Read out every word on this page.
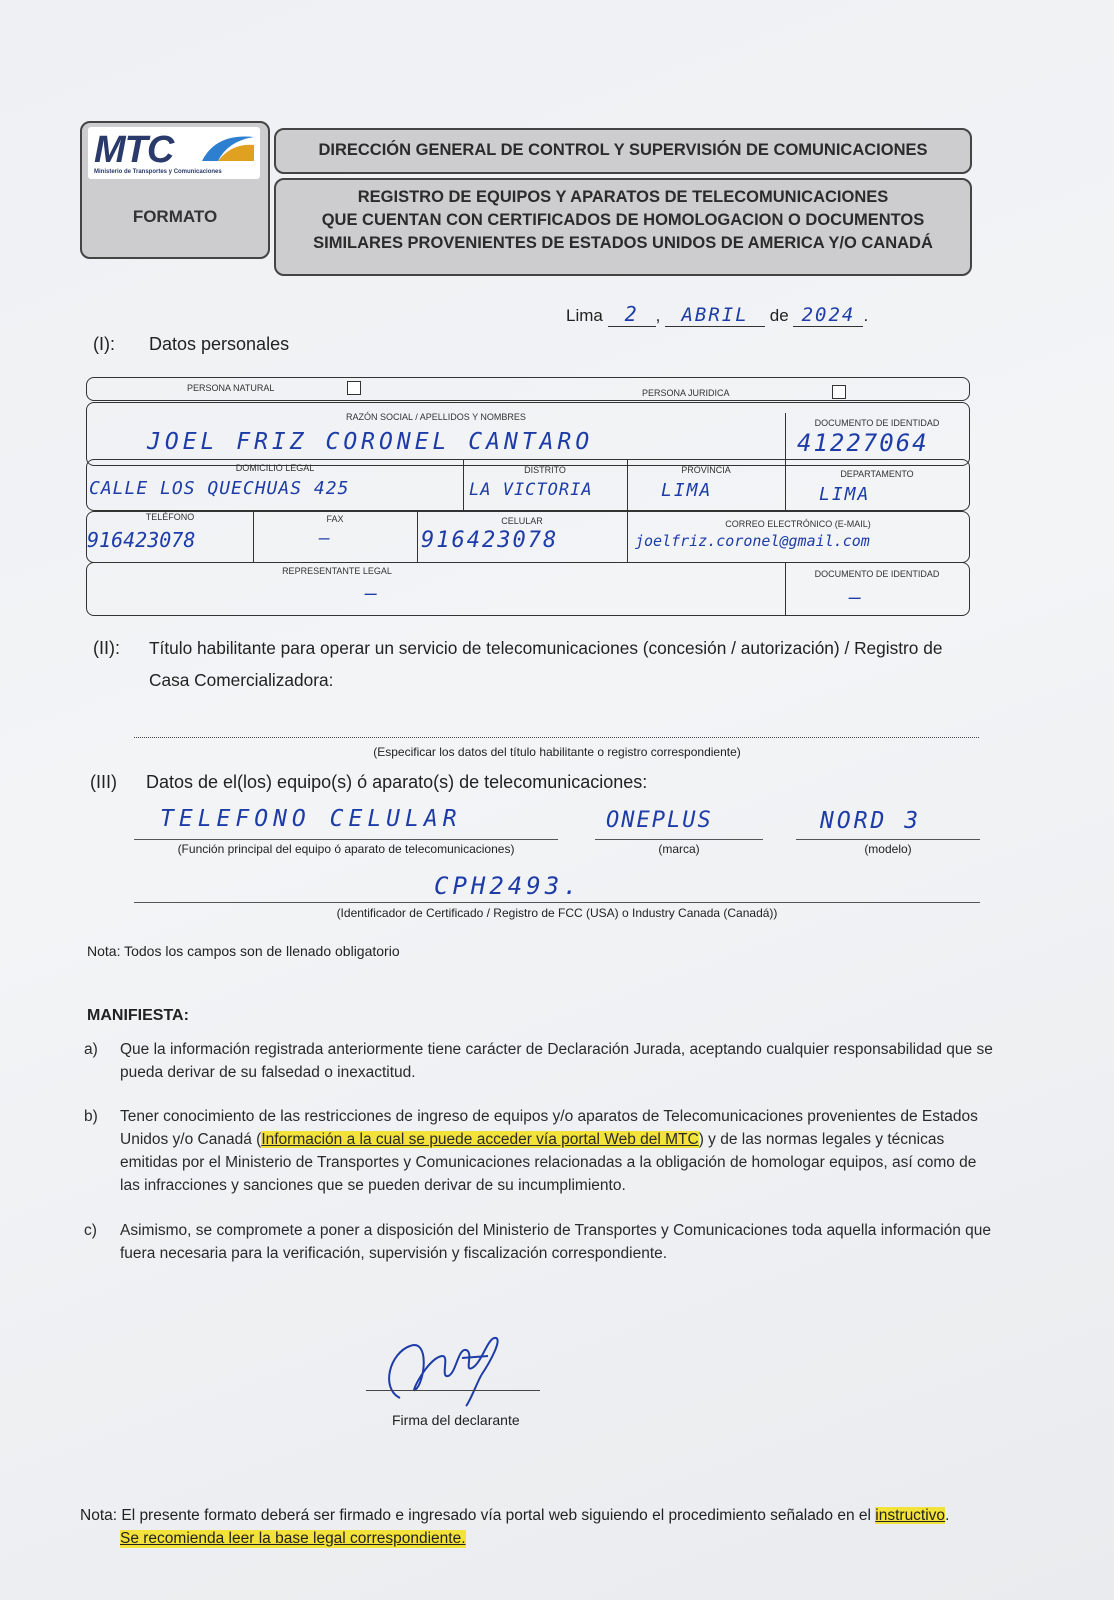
MTC
Ministerio de Transportes y Comunicaciones
FORMATO
DIRECCIÓN GENERAL DE CONTROL Y SUPERVISIÓN DE COMUNICACIONES
REGISTRO DE EQUIPOS Y APARATOS DE TELECOMUNICACIONES
QUE CUENTAN CON CERTIFICADOS DE HOMOLOGACION O DOCUMENTOS
SIMILARES PROVENIENTES DE ESTADOS UNIDOS DE AMERICA Y/O CANADÁ
Lima 2 , ABRIL de 2024 .
(I): Datos personales
PERSONA NATURAL	PERSONA JURIDICA
RAZÓN SOCIAL / APELLIDOS Y NOMBRES
DOCUMENTO DE IDENTIDAD
JOEL FRIZ CORONEL CANTARO	41227064
DOMICILIO LEGAL	DISTRITO	PROVINCIA	DEPARTAMENTO
CALLE LOS QUECHUAS 425	LA VICTORIA	LIMA	LIMA
TELÉFONO	FAX	CELULAR	CORREO ELECTRÓNICO (E-MAIL)
916423078	—	916423078	joelfriz.coronel@gmail.com
REPRESENTANTE LEGAL	DOCUMENTO DE IDENTIDAD
—	—
(II): Título habilitante para operar un servicio de telecomunicaciones (concesión / autorización) / Registro de
Casa Comercializadora:
(Especificar los datos del título habilitante o registro correspondiente)
(III) Datos de el(los) equipo(s) ó aparato(s) de telecomunicaciones:
TELEFONO CELULAR
(Función principal del equipo ó aparato de telecomunicaciones)
ONEPLUS
(marca)
NORD 3
(modelo)
CPH2493.
(Identificador de Certificado / Registro de FCC (USA) o Industry Canada (Canadá))
Nota: Todos los campos son de llenado obligatorio
MANIFIESTA:
a) Que la información registrada anteriormente tiene carácter de Declaración Jurada, aceptando cualquier responsabilidad que se
pueda derivar de su falsedad o inexactitud.
b) Tener conocimiento de las restricciones de ingreso de equipos y/o aparatos de Telecomunicaciones provenientes de Estados
Unidos y/o Canadá (Información a la cual se puede acceder vía portal Web del MTC) y de las normas legales y técnicas
emitidas por el Ministerio de Transportes y Comunicaciones relacionadas a la obligación de homologar equipos, así como de
las infracciones y sanciones que se pueden derivar de su incumplimiento.
c) Asimismo, se compromete a poner a disposición del Ministerio de Transportes y Comunicaciones toda aquella información que
fuera necesaria para la verificación, supervisión y fiscalización correspondiente.
Firma del declarante
Nota: El presente formato deberá ser firmado e ingresado vía portal web siguiendo el procedimiento señalado en el instructivo.
Se recomienda leer la base legal correspondiente.
